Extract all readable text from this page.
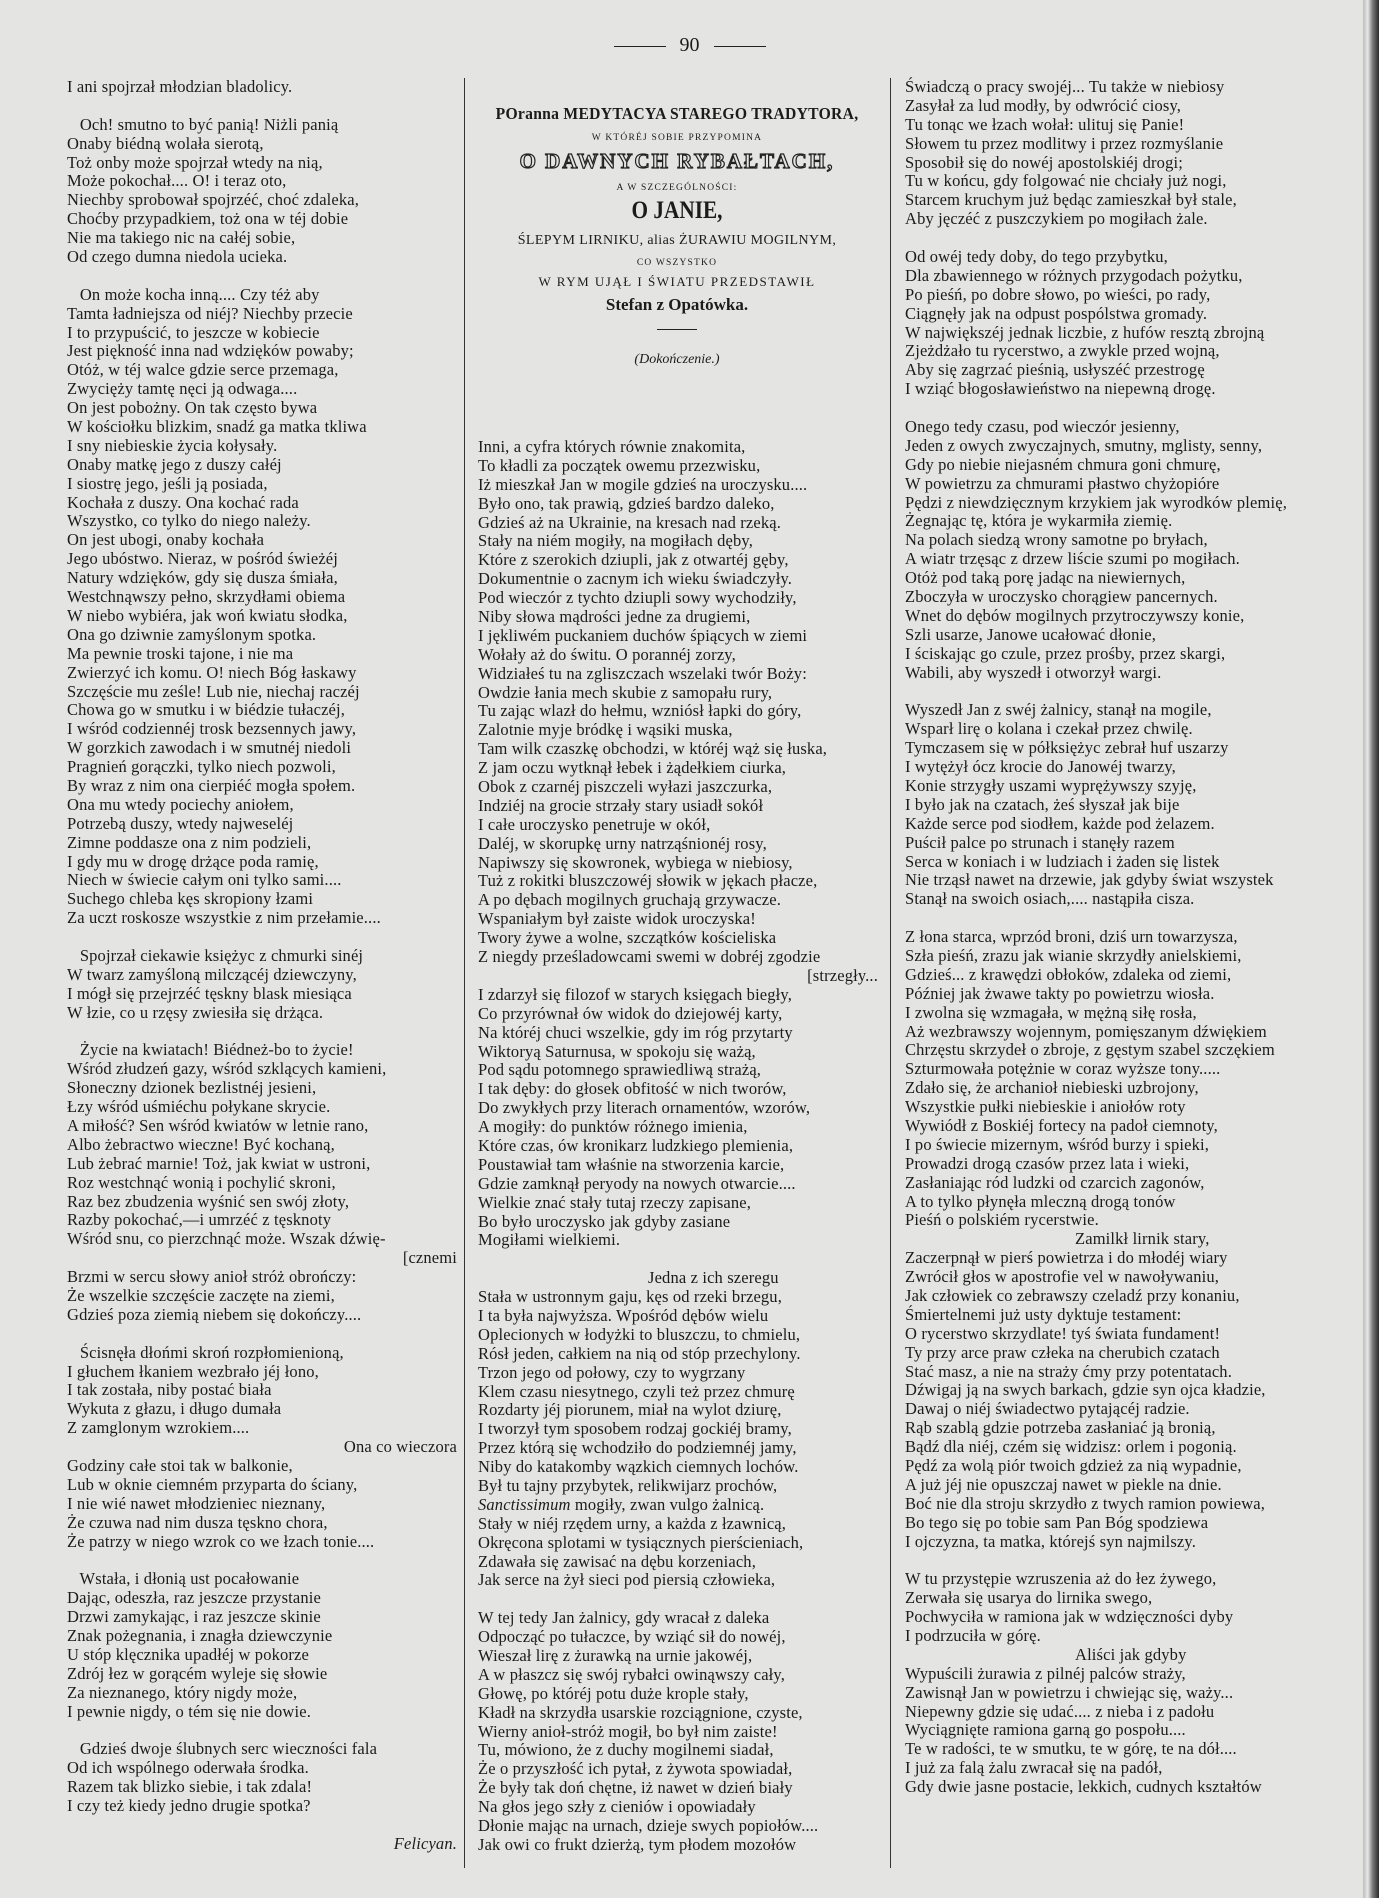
90
I ani spojrzał młodzian bladolicy.
Och! smutno to być panią! Niżli panią
Onaby biédną wolała sierotą,
Toż onby może spojrzał wtedy na nią,
Może pokochał.... O! i teraz oto,
Niechby sprobował spojrzéć, choć zdaleka,
Choćby przypadkiem, toż ona w téj dobie
Nie ma takiego nic na całéj sobie,
Od czego dumna niedola ucieka.
On może kocha inną.... Czy téż aby
Tamta ładniejsza od niéj? Niechby przecie
I to przypuścić, to jeszcze w kobiecie
Jest piękność inna nad wdzięków powaby;
Otóż, w téj walce gdzie serce przemaga,
Zwycięży tamtę nęci ją odwaga....
On jest pobożny. On tak często bywa
W kościołku blizkim, snadź ga matka tkliwa
I sny niebieskie życia kołysały.
Onaby matkę jego z duszy całéj
I siostrę jego, jeśli ją posiada,
Kochała z duszy. Ona kochać rada
Wszystko, co tylko do niego należy.
On jest ubogi, onaby kochała
Jego ubóstwo. Nieraz, w pośród świeżéj
Natury wdzięków, gdy się dusza śmiała,
Westchnąwszy pełno, skrzydłami obiema
W niebo wybiéra, jak woń kwiatu słodka,
Ona go dziwnie zamyślonym spotka.
Ma pewnie troski tajone, i nie ma
Zwierzyć ich komu. O! niech Bóg łaskawy
Szczęście mu ześle! Lub nie, niechaj raczéj
Chowa go w smutku i w biédzie tułaczéj,
I wśród codziennéj trosk bezsennych jawy,
W gorzkich zawodach i w smutnéj niedoli
Pragnień gorączki, tylko niech pozwoli,
By wraz z nim ona cierpiéć mogła społem.
Ona mu wtedy pociechy aniołem,
Potrzebą duszy, wtedy najweseléj
Zimne poddasze ona z nim podzieli,
I gdy mu w drogę drżące poda ramię,
Niech w świecie całym oni tylko sami....
Suchego chleba kęs skropiony łzami
Za uczt roskosze wszystkie z nim przełamie....
Spojrzał ciekawie księżyc z chmurki sinéj
W twarz zamyśloną milczącéj dziewczyny,
I mógł się przejrzéć tęskny blask miesiąca
W łzie, co u rzęsy zwiesiła się drżąca.
Życie na kwiatach! Biédneż-bo to życie!
Wśród złudzeń gazy, wśród szklących kamieni,
Słoneczny dzionek bezlistnéj jesieni,
Łzy wśród uśmiéchu połykane skrycie.
A miłość? Sen wśród kwiatów w letnie rano,
Albo żebractwo wieczne! Być kochaną,
Lub żebrać marnie! Toż, jak kwiat w ustroni,
Roz westchnąć wonią i pochylić skroni,
Raz bez zbudzenia wyśnić sen swój złoty,
Razby pokochać,—i umrzéć z tęsknoty
Wśród snu, co pierzchnąć może. Wszak dźwię-
[cznemi
Brzmi w sercu słowy anioł stróż obrończy:
Że wszelkie szczęście zaczęte na ziemi,
Gdzieś poza ziemią niebem się dokończy....
Ścisnęła dłońmi skroń rozpłomienioną,
I głuchem łkaniem wezbrało jéj łono,
I tak została, niby postać biała
Wykuta z głazu, i długo dumała
Z zamglonym wzrokiem....
Ona co wieczora
Godziny całe stoi tak w balkonie,
Lub w oknie ciemném przyparta do ściany,
I nie wié nawet młodzieniec nieznany,
Że czuwa nad nim dusza tęskno chora,
Że patrzy w niego wzrok co we łzach tonie....
Wstała, i dłonią ust pocałowanie
Dając, odeszła, raz jeszcze przystanie
Drzwi zamykając, i raz jeszcze skinie
Znak pożegnania, i znagła dziewczynie
U stóp klęcznika upadłéj w pokorze
Zdrój łez w gorącém wyleje się słowie
Za nieznanego, który nigdy może,
I pewnie nigdy, o tém się nie dowie.
Gdzieś dwoje ślubnych serc wieczności fala
Od ich wspólnego oderwała środka.
Razem tak blizko siebie, i tak zdala!
I czy też kiedy jedno drugie spotka?
Felicyan.
POranna MEDYTACYA STAREGO TRADYTORA,
W KTÓRÉJ SOBIE PRZYPOMINA
O DAWNYCH RYBAŁTACH,
A W SZCZEGÓLNOŚCI:
O JANIE,
ŚLEPYM LIRNIKU, alias ŻURAWIU MOGILNYM,
CO WSZYSTKO
W RYM UJĄŁ I ŚWIATU PRZEDSTAWIŁ
Stefan z Opatówka.
(Dokończenie.)
Inni, a cyfra których równie znakomita,
To kładli za początek owemu przezwisku,
Iż mieszkał Jan w mogile gdzieś na uroczysku....
Było ono, tak prawią, gdzieś bardzo daleko,
Gdzieś aż na Ukrainie, na kresach nad rzeką.
Stały na niém mogiły, na mogiłach dęby,
Które z szerokich dziupli, jak z otwartéj gęby,
Dokumentnie o zacnym ich wieku świadczyły.
Pod wieczór z tychto dziupli sowy wychodziły,
Niby słowa mądrości jedne za drugiemi,
I jękliwém puckaniem duchów śpiących w ziemi
Wołały aż do świtu. O porannéj zorzy,
Widziałeś tu na zgliszczach wszelaki twór Boży:
Owdzie łania mech skubie z samopału rury,
Tu zając wlazł do hełmu, wzniósł łapki do góry,
Zalotnie myje bródkę i wąsiki muska,
Tam wilk czaszkę obchodzi, w któréj wąż się łuska,
Z jam oczu wytknął łebek i żądełkiem ciurka,
Obok z czarnéj piszczeli wyłazi jaszczurka,
Indziéj na grocie strzały stary usiadł sokół
I całe uroczysko penetruje w okół,
Daléj, w skorupkę urny natrząśnionéj rosy,
Napiwszy się skowronek, wybiega w niebiosy,
Tuż z rokitki bluszczowéj słowik w jękach płacze,
A po dębach mogilnych gruchają grzywacze.
Wspaniałym był zaiste widok uroczyska!
Twory żywe a wolne, szczątków kościeliska
Z niegdy prześladowcami swemi w dobréj zgodzie
[strzegły...
I zdarzył się filozof w starych księgach biegły,
Co przyrównał ów widok do dziejowéj karty,
Na któréj chuci wszelkie, gdy im róg przytarty
Wiktoryą Saturnusa, w spokoju się ważą,
Pod sądu potomnego sprawiedliwą strażą,
I tak dęby: do głosek obfitość w nich tworów,
Do zwykłych przy literach ornamentów, wzorów,
A mogiły: do punktów różnego imienia,
Które czas, ów kronikarz ludzkiego plemienia,
Poustawiał tam właśnie na stworzenia karcie,
Gdzie zamknął peryody na nowych otwarcie....
Wielkie znać stały tutaj rzeczy zapisane,
Bo było uroczysko jak gdyby zasiane
Mogiłami wielkiemi.
Jedna z ich szeregu
Stała w ustronnym gaju, kęs od rzeki brzegu,
I ta była najwyższa. Wpośród dębów wielu
Oplecionych w łodyżki to bluszczu, to chmielu,
Rósł jeden, całkiem na nią od stóp przechylony.
Trzon jego od połowy, czy to wygrzany
Klem czasu niesytnego, czyli też przez chmurę
Rozdarty jéj piorunem, miał na wylot dziurę,
I tworzył tym sposobem rodzaj gockiéj bramy,
Przez którą się wchodziło do podziemnéj jamy,
Niby do katakomby wązkich ciemnych lochów.
Był tu tajny przybytek, relikwijarz prochów,
Sanctissimum mogiły, zwan vulgo żalnicą.
Stały w niéj rzędem urny, a każda z łzawnicą,
Okręcona splotami w tysiącznych pierścieniach,
Zdawała się zawisać na dębu korzeniach,
Jak serce na żył sieci pod piersią człowieka,
W tej tedy Jan żalnicy, gdy wracał z daleka
Odpocząć po tułaczce, by wziąć sił do nowéj,
Wieszał lirę z żurawką na urnie jakowéj,
A w płaszcz się swój rybałci owinąwszy cały,
Głowę, po któréj potu duże krople stały,
Kładł na skrzydła usarskie rozciągnione, czyste,
Wierny anioł-stróż mogił, bo był nim zaiste!
Tu, mówiono, że z duchy mogilnemi siadał,
Że o przyszłość ich pytał, z żywota spowiadał,
Że były tak doń chętne, iż nawet w dzień biały
Na głos jego szły z cieniów i opowiadały
Dłonie mając na urnach, dzieje swych popiołów....
Jak owi co frukt dzierżą, tym płodem mozołów
Świadczą o pracy swojéj... Tu także w niebiosy
Zasyłał za lud modły, by odwrócić ciosy,
Tu tonąc we łzach wołał: ulituj się Panie!
Słowem tu przez modlitwy i przez rozmyślanie
Sposobił się do nowéj apostolskiéj drogi;
Tu w końcu, gdy folgować nie chciały już nogi,
Starcem kruchym już będąc zamieszkał był stale,
Aby jęczéć z puszczykiem po mogiłach żale.
Od owéj tedy doby, do tego przybytku,
Dla zbawiennego w różnych przygodach pożytku,
Po pieśń, po dobre słowo, po wieści, po rady,
Ciągnęły jak na odpust pospólstwa gromady.
W największéj jednak liczbie, z hufów resztą zbrojną
Zjeżdżało tu rycerstwo, a zwykle przed wojną,
Aby się zagrzać pieśnią, usłyszéć przestrogę
I wziąć błogosławieństwo na niepewną drogę.
Onego tedy czasu, pod wieczór jesienny,
Jeden z owych zwyczajnych, smutny, mglisty, senny,
Gdy po niebie niejasném chmura goni chmurę,
W powietrzu za chmurami płastwo chyżopióre
Pędzi z niewdzięcznym krzykiem jak wyrodków plemię,
Żegnając tę, która je wykarmiła ziemię.
Na polach siedzą wrony samotne po bryłach,
A wiatr trzęsąc z drzew liście szumi po mogiłach.
Otóż pod taką porę jadąc na niewiernych,
Zboczyła w uroczysko chorągiew pancernych.
Wnet do dębów mogilnych przytroczywszy konie,
Szli usarze, Janowe ucałować dłonie,
I ściskając go czule, przez prośby, przez skargi,
Wabili, aby wyszedł i otworzył wargi.
Wyszedł Jan z swéj żalnicy, stanął na mogile,
Wsparł lirę o kolana i czekał przez chwilę.
Tymczasem się w półksiężyc zebrał huf uszarzy
I wytężył ócz krocie do Janowéj twarzy,
Konie strzygły uszami wyprężywszy szyję,
I było jak na czatach, żeś słyszał jak bije
Każde serce pod siodłem, każde pod żelazem.
Puścił palce po strunach i stanęły razem
Serca w koniach i w ludziach i żaden się listek
Nie trząsł nawet na drzewie, jak gdyby świat wszystek
Stanął na swoich osiach,.... nastąpiła cisza.
Z łona starca, wprzód broni, dziś urn towarzysza,
Szła pieśń, zrazu jak wianie skrzydły anielskiemi,
Gdzieś... z krawędzi obłoków, zdaleka od ziemi,
Później jak żwawe takty po powietrzu wiosła.
I zwolna się wzmagała, w mężną siłę rosła,
Aż wezbrawszy wojennym, pomięszanym dźwiękiem
Chrzęstu skrzydeł o zbroje, z gęstym szabel szczękiem
Szturmowała potężnie w coraz wyższe tony.....
Zdało się, że archanioł niebieski uzbrojony,
Wszystkie pułki niebieskie i aniołów roty
Wywiódł z Boskiéj fortecy na padoł ciemnoty,
I po świecie mizernym, wśród burzy i spieki,
Prowadzi drogą czasów przez lata i wieki,
Zasłaniając ród ludzki od czarcich zagonów,
A to tylko płynęła mleczną drogą tonów
Pieśń o polskiém rycerstwie.
Zamilkł lirnik stary,
Zaczerpnął w pierś powietrza i do młodéj wiary
Zwrócił głos w apostrofie vel w nawoływaniu,
Jak człowiek co zebrawszy czeladź przy konaniu,
Śmiertelnemi już usty dyktuje testament:
O rycerstwo skrzydlate! tyś świata fundament!
Ty przy arce praw człeka na cherubich czatach
Stać masz, a nie na straży ćmy przy potentatach.
Dźwigaj ją na swych barkach, gdzie syn ojca kładzie,
Dawaj o niéj świadectwo pytającéj radzie.
Rąb szablą gdzie potrzeba zasłaniać ją bronią,
Bądź dla niéj, czém się widzisz: orlem i pogonią.
Pędź za wolą piór twoich gdzież za nią wypadnie,
A już jéj nie opuszczaj nawet w piekle na dnie.
Boć nie dla stroju skrzydło z twych ramion powiewa,
Bo tego się po tobie sam Pan Bóg spodziewa
I ojczyzna, ta matka, którejś syn najmilszy.
W tu przystępie wzruszenia aż do łez żywego,
Zerwała się usarya do lirnika swego,
Pochwyciła w ramiona jak w wdzięczności dyby
I podrzuciła w górę.
Aliści jak gdyby
Wypuścili żurawia z pilnéj palców straży,
Zawisnął Jan w powietrzu i chwiejąc się, waży...
Niepewny gdzie się udać.... z nieba i z padołu
Wyciągnięte ramiona garną go pospołu....
Te w radości, te w smutku, te w górę, te na dół....
I już za falą żalu zwracał się na padół,
Gdy dwie jasne postacie, lekkich, cudnych kształtów
